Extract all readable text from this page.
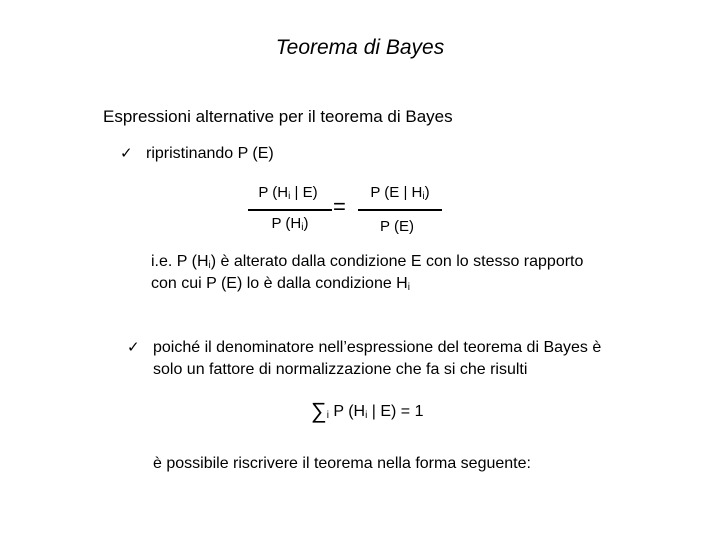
Teorema di Bayes
Espressioni alternative per il teorema di Bayes
✓ ripristinando P (E)
P ($H_i$ | E)
P $(H_i)$
=
P (E | $H_i$)
P (E)
i.e. P $(H_i)$ è alterato dalla condizione E con lo stesso rapporto
con cui P (E) lo è dalla condizione $H_i$
✓ poiché il denominatore nell’espressione del teorema di Bayes è
solo un fattore di normalizzazione che fa si che risulti
$\sum_i$ P ($H_i$ | E) = 1
è possibile riscrivere il teorema nella forma seguente:
